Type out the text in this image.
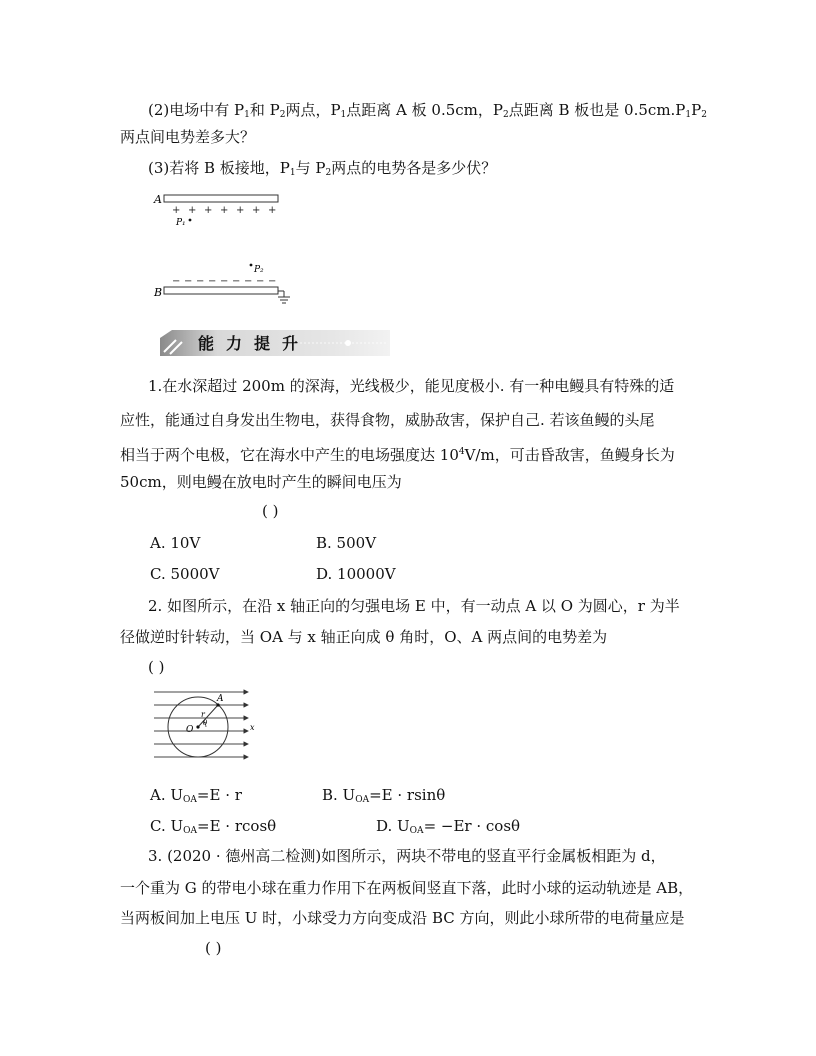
(2)电场中有 $P_1$和 $P_2$两点，$P_1$点距离 A 板 0.5cm，$P_2$点距离 B 板也是 $0.5cm.P_1P_2$
两点间电势差多大？
(3)若将 B 板接地，$P_1$与 $P_2$两点的电势各是多少伏？
A
+ + + + + + +
P₁
P₂
− − − − − − − − −
B
能力提升
1.在水深超过 200m 的深海，光线极少，能见度极小. 有一种电鳗具有特殊的适
应性，能通过自身发出生物电，获得食物，威胁敌害，保护自己. 若该鱼鳗的头尾
相当于两个电极，它在海水中产生的电场强度达 $10^4V/m$，可击昏敌害，鱼鳗身长为
50cm，则电鳗在放电时产生的瞬间电压为
( )
A. 10V	B. 500V
C. 5000V	D. 10000V
2. 如图所示，在沿 x 轴正向的匀强电场 E 中，有一动点 A 以 O 为圆心，r 为半
径做逆时针转动，当 OA 与 x 轴正向成 θ 角时，O、A 两点间的电势差为
( )
A
O
r
θ	x
A. $U_{OA}=E \cdot r$	B. $U_{OA}=E \cdot rsin\theta$
C. $U_{OA}=E \cdot rcos\theta$	D. $U_{OA}= -Er \cdot \cos\theta$
3. (2020 · 德州高二检测)如图所示，两块不带电的竖直平行金属板相距为 d，
一个重为 G 的带电小球在重力作用下在两板间竖直下落，此时小球的运动轨迹是 AB，
当两板间加上电压 U 时，小球受力方向变成沿 BC 方向，则此小球所带的电荷量应是
( )
